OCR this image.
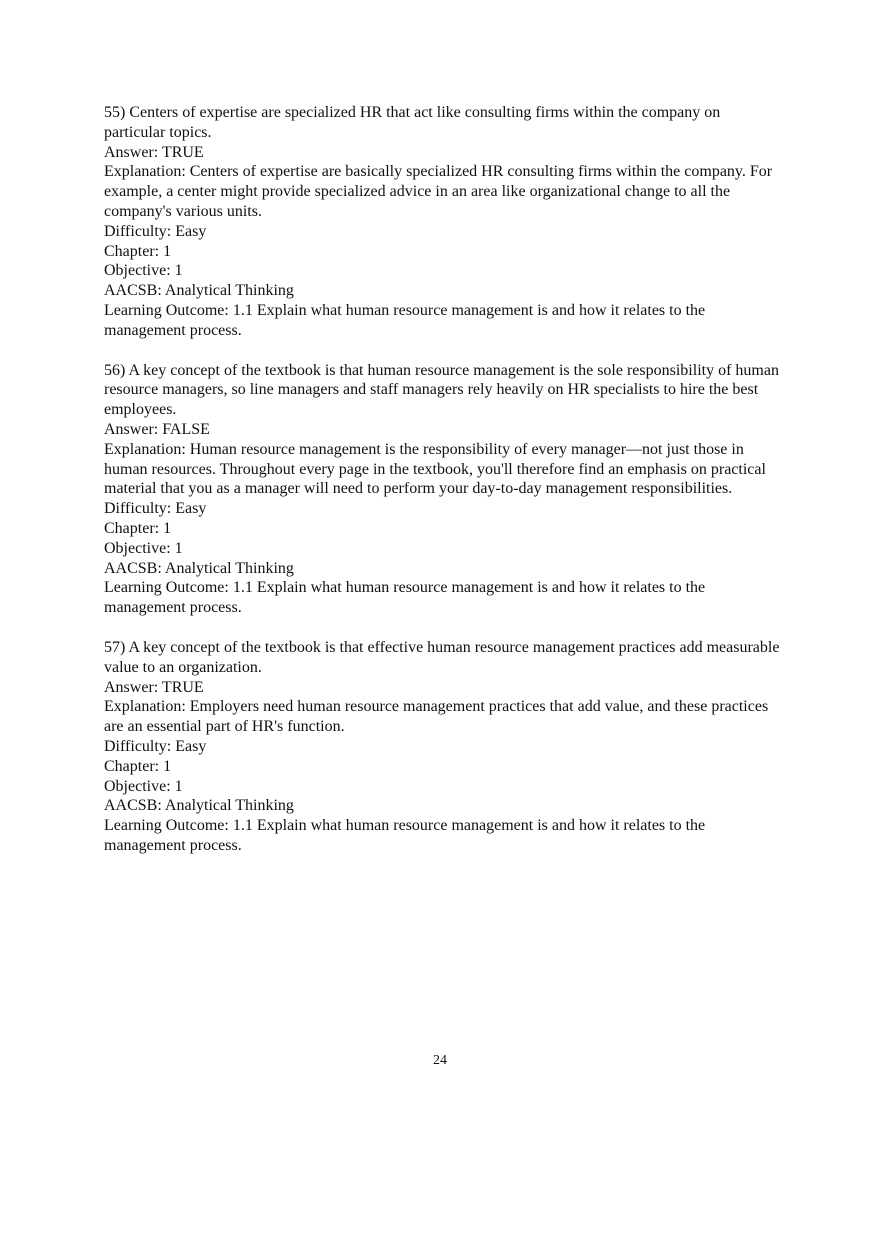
55) Centers of expertise are specialized HR that act like consulting firms within the company on particular topics.

Answer: TRUE

Explanation: Centers of expertise are basically specialized HR consulting firms within the company. For example, a center might provide specialized advice in an area like organizational change to all the company's various units.

Difficulty: Easy

Chapter: 1

Objective: 1

AACSB: Analytical Thinking

Learning Outcome: 1.1 Explain what human resource management is and how it relates to the management process.

56) A key concept of the textbook is that human resource management is the sole responsibility of human resource managers, so line managers and staff managers rely heavily on HR specialists to hire the best employees.

Answer: FALSE

Explanation: Human resource management is the responsibility of every manager—not just those in human resources. Throughout every page in the textbook, you'll therefore find an emphasis on practical material that you as a manager will need to perform your day-to-day management responsibilities.

Difficulty: Easy

Chapter: 1

Objective: 1

AACSB: Analytical Thinking

Learning Outcome: 1.1 Explain what human resource management is and how it relates to the management process.

57) A key concept of the textbook is that effective human resource management practices add measurable value to an organization.

Answer: TRUE

Explanation: Employers need human resource management practices that add value, and these practices are an essential part of HR's function.

Difficulty: Easy

Chapter: 1

Objective: 1

AACSB: Analytical Thinking

Learning Outcome: 1.1 Explain what human resource management is and how it relates to the management process.

24
